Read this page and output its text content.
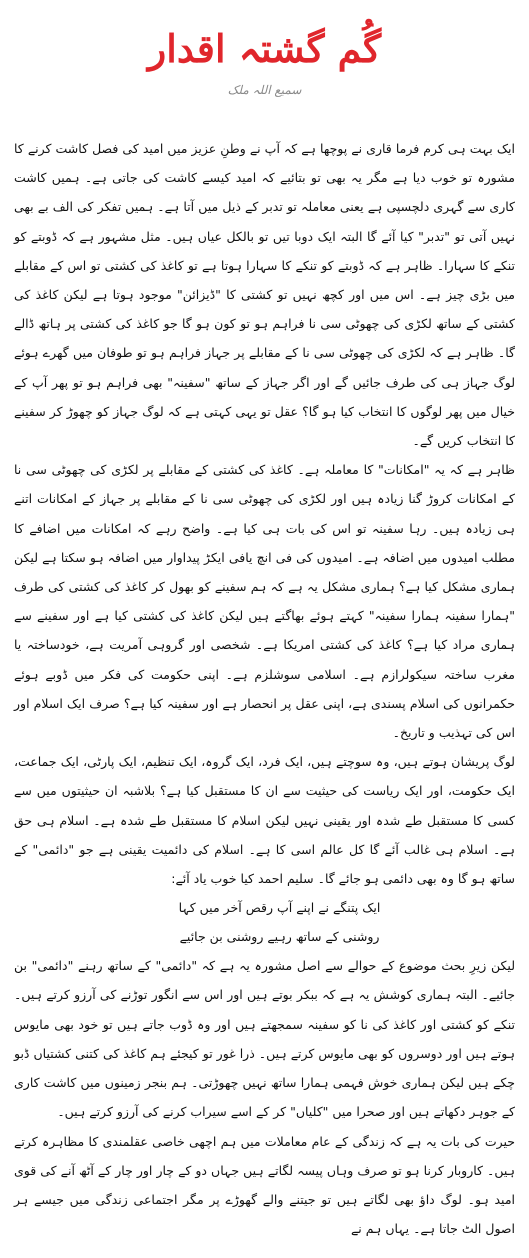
گُم گشتہ اقدار
سمیع اللہ ملک

ایک بہت ہی کرم فرما قاری نے پوچھا ہے کہ آپ نے وطنِ عزیز میں امید کی فصل کاشت کرنے کا مشورہ تو خوب دیا ہے مگر یہ بھی تو بتائیے کہ امید کیسے کاشت کی جاتی ہے۔ ہمیں کاشت کاری سے گہری دلچسپی ہے یعنی معاملہ تو تدبر کے ذیل میں آتا ہے۔ ہمیں تفکر کی الف بے بھی نہیں آتی تو "تدبر" کیا آئے گا البتہ ایک دوبا تیں تو بالکل عیاں ہیں۔ مثل مشہور ہے کہ ڈوبتے کو تنکے کا سہارا۔ ظاہر ہے کہ ڈوبتے کو تنکے کا سہارا ہوتا ہے تو کاغذ کی کشتی تو اس کے مقابلے میں بڑی چیز ہے۔ اس میں اور کچھ نہیں تو کشتی کا "ڈیزائن" موجود ہوتا ہے لیکن کاغذ کی کشتی کے ساتھ لکڑی کی چھوٹی سی نا فراہم ہو تو کون ہو گا جو کاغذ کی کشتی پر ہاتھ ڈالے گا۔ ظاہر ہے کہ لکڑی کی چھوٹی سی نا کے مقابلے پر جہاز فراہم ہو تو طوفان میں گھرے ہوئے لوگ جہاز ہی کی طرف جائیں گے اور اگر جہاز کے ساتھ "سفینہ" بھی فراہم ہو تو پھر آپ کے خیال میں پھر لوگوں کا انتخاب کیا ہو گا؟ عقل تو یہی کہتی ہے کہ لوگ جہاز کو چھوڑ کر سفینے کا انتخاب کریں گے۔

ظاہر ہے کہ یہ "امکانات" کا معاملہ ہے۔ کاغذ کی کشتی کے مقابلے پر لکڑی کی چھوٹی سی نا کے امکانات کروڑ گنا زیادہ ہیں اور لکڑی کی چھوٹی سی نا کے مقابلے پر جہاز کے امکانات اتنے ہی زیادہ ہیں۔ رہا سفینہ تو اس کی بات ہی کیا ہے۔ واضح رہے کہ امکانات میں اضافے کا مطلب امیدوں میں اضافہ ہے۔ امیدوں کی فی انچ یافی ایکڑ پیداوار میں اضافہ ہو سکتا ہے لیکن ہماری مشکل کیا ہے؟ ہماری مشکل یہ ہے کہ ہم سفینے کو بھول کر کاغذ کی کشتی کی طرف "ہمارا سفینہ ہمارا سفینہ" کہتے ہوئے بھاگتے ہیں لیکن کاغذ کی کشتی کیا ہے اور سفینے سے ہماری مراد کیا ہے؟ کاغذ کی کشتی امریکا ہے۔ شخصی اور گروہی آمریت ہے، خودساختہ یا مغرب ساختہ سیکولرازم ہے۔ اسلامی سوشلزم ہے۔ اپنی حکومت کی فکر میں ڈوبے ہوئے حکمرانوں کی اسلام پسندی ہے، اپنی عقل پر انحصار ہے اور سفینہ کیا ہے؟ صرف ایک اسلام اور اس کی تہذیب و تاریخ۔

لوگ پریشان ہوتے ہیں، وہ سوچتے ہیں، ایک فرد، ایک گروہ، ایک تنظیم، ایک پارٹی، ایک جماعت، ایک حکومت، اور ایک ریاست کی حیثیت سے ان کا مستقبل کیا ہے؟ بلاشبہ ان حیثیتوں میں سے کسی کا مستقبل طے شدہ اور یقینی نہیں لیکن اسلام کا مستقبل طے شدہ ہے۔ اسلام ہی حق ہے۔ اسلام ہی غالب آئے گا کل عالم اسی کا ہے۔ اسلام کی دائمیت یقینی ہے جو "دائمی" کے ساتھ ہو گا وہ بھی دائمی ہو جائے گا۔ سلیم احمد کیا خوب یاد آئے:

ایک پتنگے نے اپنے آپ رقص آخر میں کہا
روشنی کے ساتھ رہیے روشنی بن جائیے

لیکن زیرِ بحث موضوع کے حوالے سے اصل مشورہ یہ ہے کہ "دائمی" کے ساتھ رہنے "دائمی" بن جائیے۔ البتہ ہماری کوشش یہ ہے کہ ببکر بوتے ہیں اور اس سے انگور توڑنے کی آرزو کرتے ہیں۔ تنکے کو کشتی اور کاغذ کی نا کو سفینہ سمجھتے ہیں اور وہ ڈوب جاتے ہیں تو خود بھی مایوس ہوتے ہیں اور دوسروں کو بھی مایوس کرتے ہیں۔ ذرا غور تو کیجئے ہم کاغذ کی کتنی کشتیاں ڈبو چکے ہیں لیکن ہماری خوش فہمی ہمارا ساتھ نہیں چھوڑتی۔ ہم بنجر زمینوں میں کاشت کاری کے جوہر دکھاتے ہیں اور صحرا میں "کلیاں" کر کے اسے سیراب کرنے کی آرزو کرتے ہیں۔

حیرت کی بات یہ ہے کہ زندگی کے عام معاملات میں ہم اچھی خاصی عقلمندی کا مظاہرہ کرتے ہیں۔ کاروبار کرنا ہو تو صرف وہاں پیسہ لگاتے ہیں جہاں دو کے چار اور چار کے آٹھ آنے کی قوی امید ہو۔ لوگ داؤ بھی لگاتے ہیں تو جیتنے والے گھوڑے پر مگر اجتماعی زندگی میں جیسے ہر اصول الٹ جاتا ہے۔ یہاں ہم نے
